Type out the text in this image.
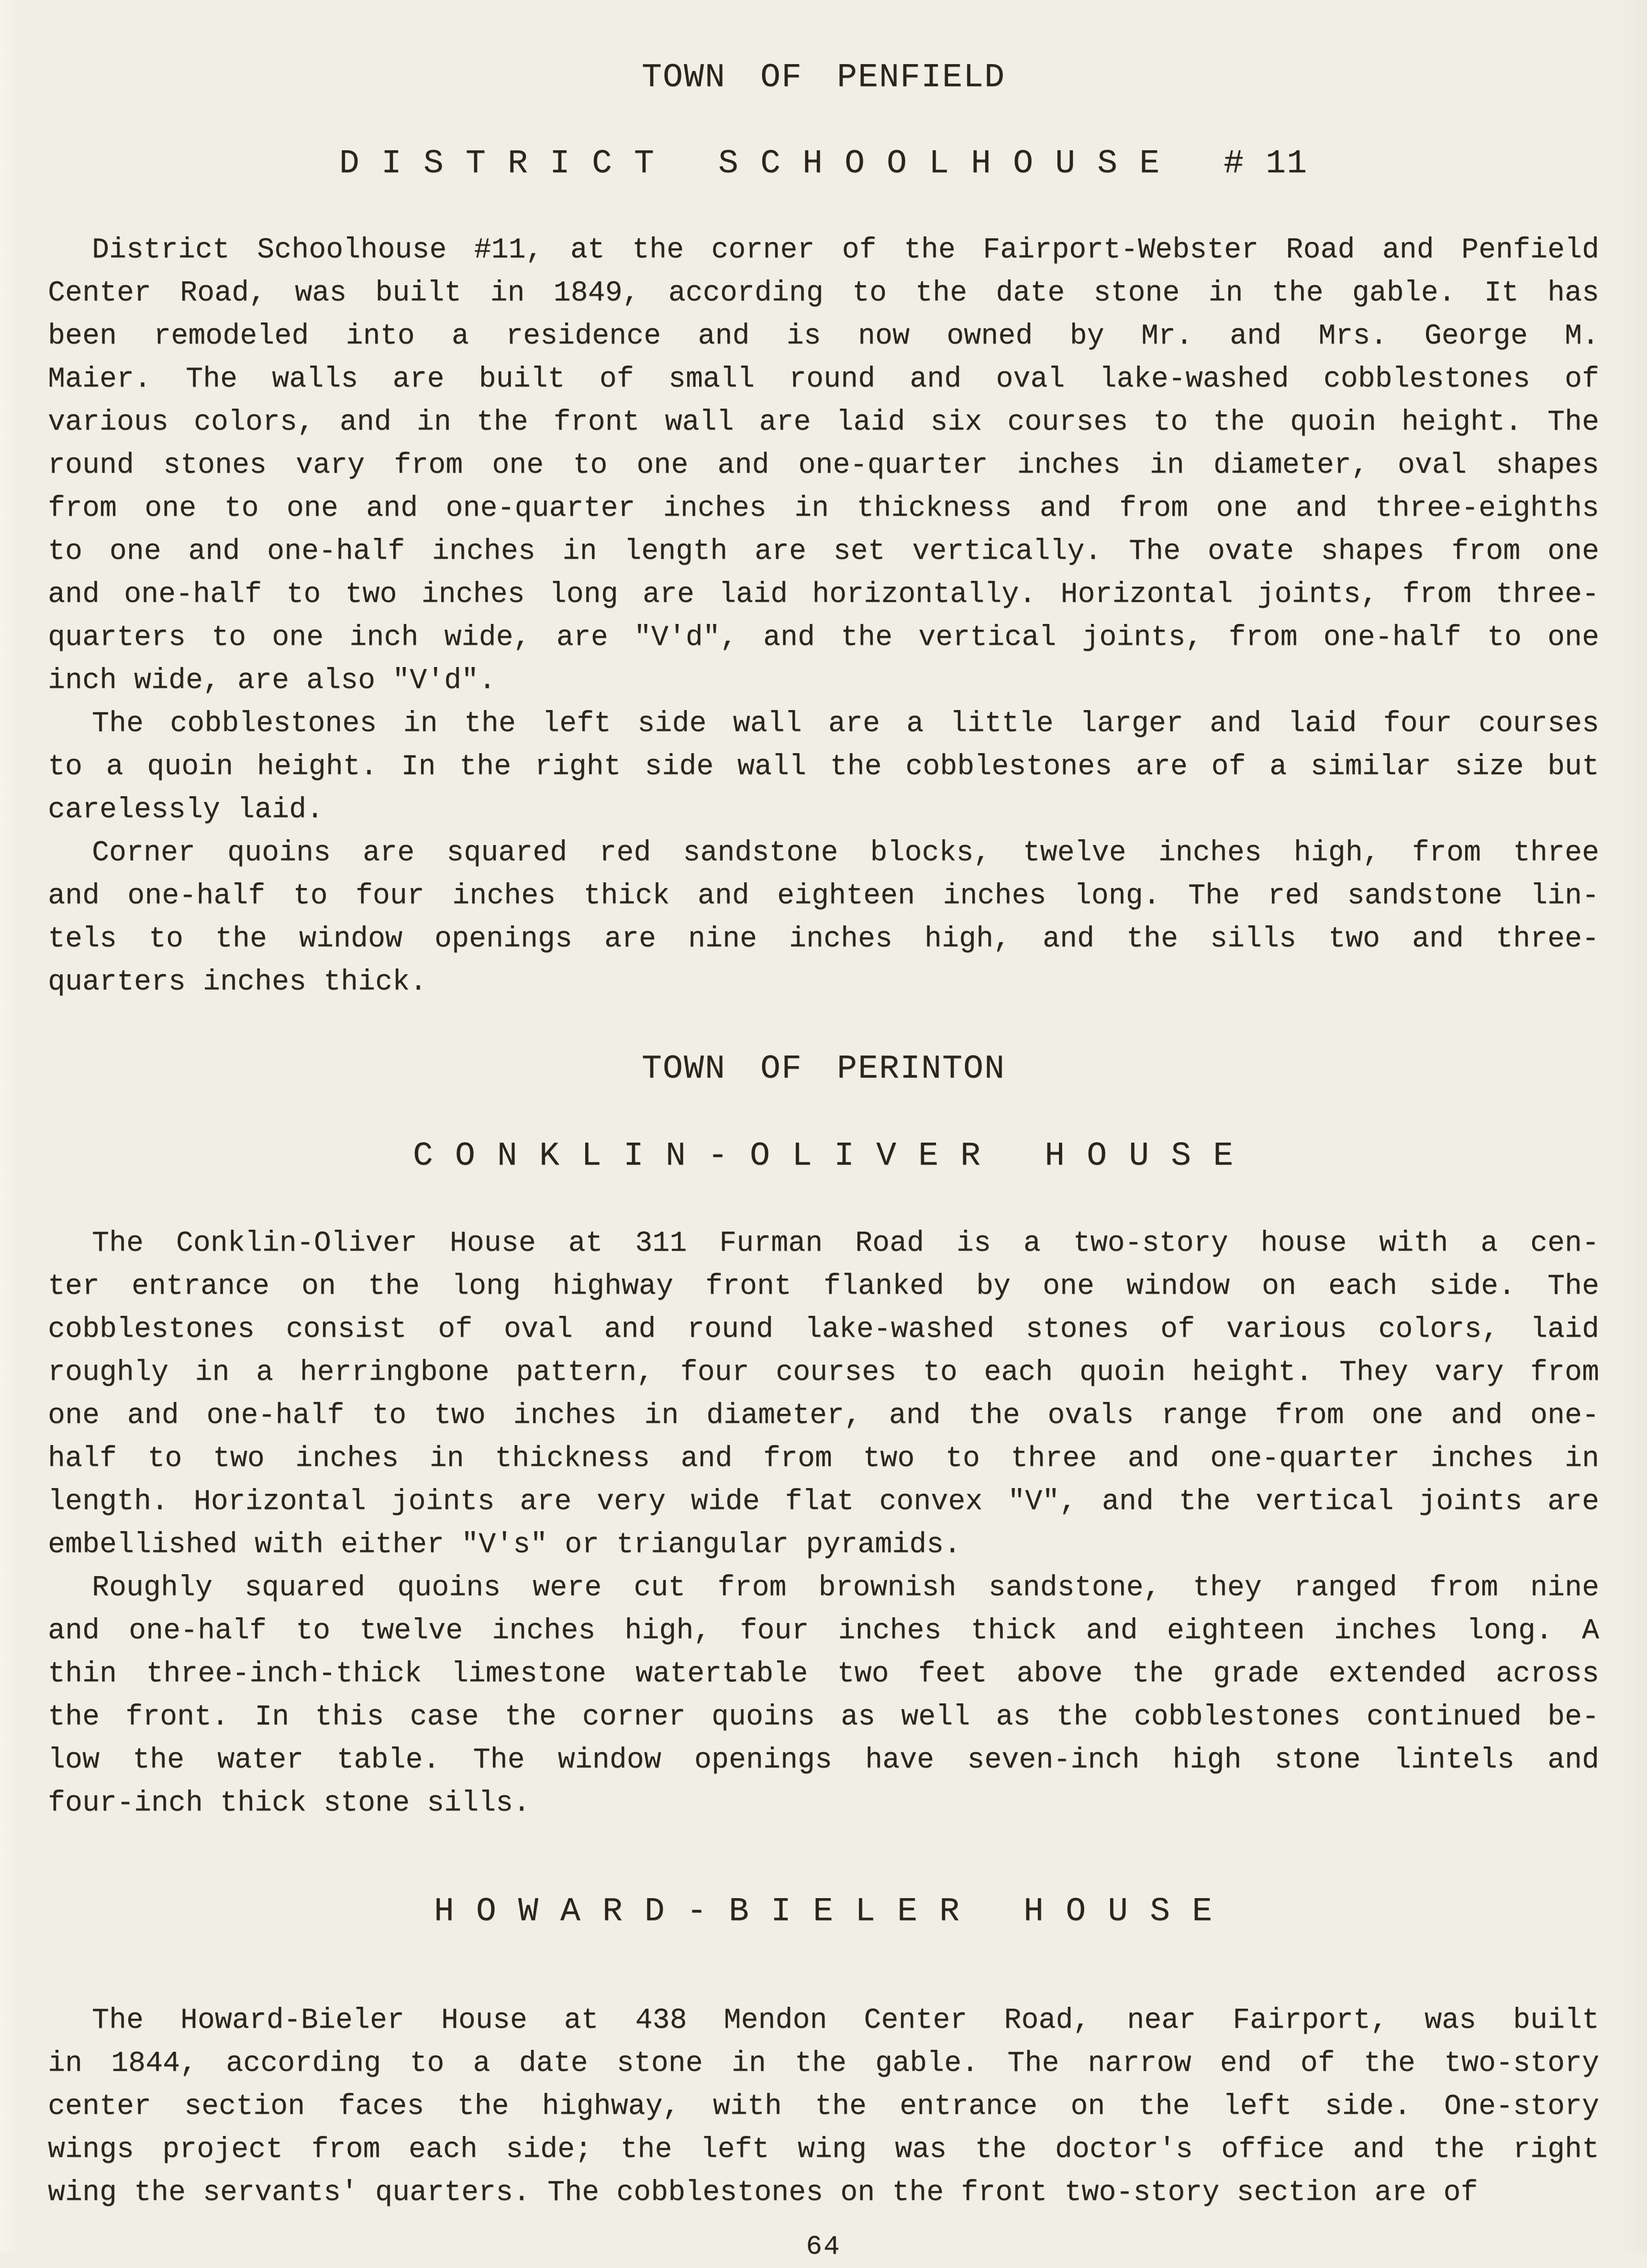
TOWN OF PENFIELD
D I S T R I C T   S C H O O L H O U S E   # 11
District Schoolhouse #11, at the corner of the Fairport-Webster Road and Penfield
Center Road, was built in 1849, according to the date stone in the gable. It has
been remodeled into a residence and is now owned by Mr. and Mrs. George M.
Maier. The walls are built of small round and oval lake-washed cobblestones of
various colors, and in the front wall are laid six courses to the quoin height. The
round stones vary from one to one and one-quarter inches in diameter, oval shapes
from one to one and one-quarter inches in thickness and from one and three-eighths
to one and one-half inches in length are set vertically. The ovate shapes from one
and one-half to two inches long are laid horizontally. Horizontal joints, from three-
quarters to one inch wide, are "V'd", and the vertical joints, from one-half to one
inch wide, are also "V'd".
The cobblestones in the left side wall are a little larger and laid four courses
to a quoin height. In the right side wall the cobblestones are of a similar size but
carelessly laid.
Corner quoins are squared red sandstone blocks, twelve inches high, from three
and one-half to four inches thick and eighteen inches long. The red sandstone lin-
tels to the window openings are nine inches high, and the sills two and three-
quarters inches thick.
TOWN OF PERINTON
C O N K L I N - O L I V E R   H O U S E
The Conklin-Oliver House at 311 Furman Road is a two-story house with a cen-
ter entrance on the long highway front flanked by one window on each side. The
cobblestones consist of oval and round lake-washed stones of various colors, laid
roughly in a herringbone pattern, four courses to each quoin height. They vary from
one and one-half to two inches in diameter, and the ovals range from one and one-
half to two inches in thickness and from two to three and one-quarter inches in
length. Horizontal joints are very wide flat convex "V", and the vertical joints are
embellished with either "V's" or triangular pyramids.
Roughly squared quoins were cut from brownish sandstone, they ranged from nine
and one-half to twelve inches high, four inches thick and eighteen inches long. A
thin three-inch-thick limestone watertable two feet above the grade extended across
the front. In this case the corner quoins as well as the cobblestones continued be-
low the water table. The window openings have seven-inch high stone lintels and
four-inch thick stone sills.
H O W A R D - B I E L E R   H O U S E
The Howard-Bieler House at 438 Mendon Center Road, near Fairport, was built
in 1844, according to a date stone in the gable. The narrow end of the two-story
center section faces the highway, with the entrance on the left side. One-story
wings project from each side; the left wing was the doctor's office and the right
wing the servants' quarters. The cobblestones on the front two-story section are of
64
